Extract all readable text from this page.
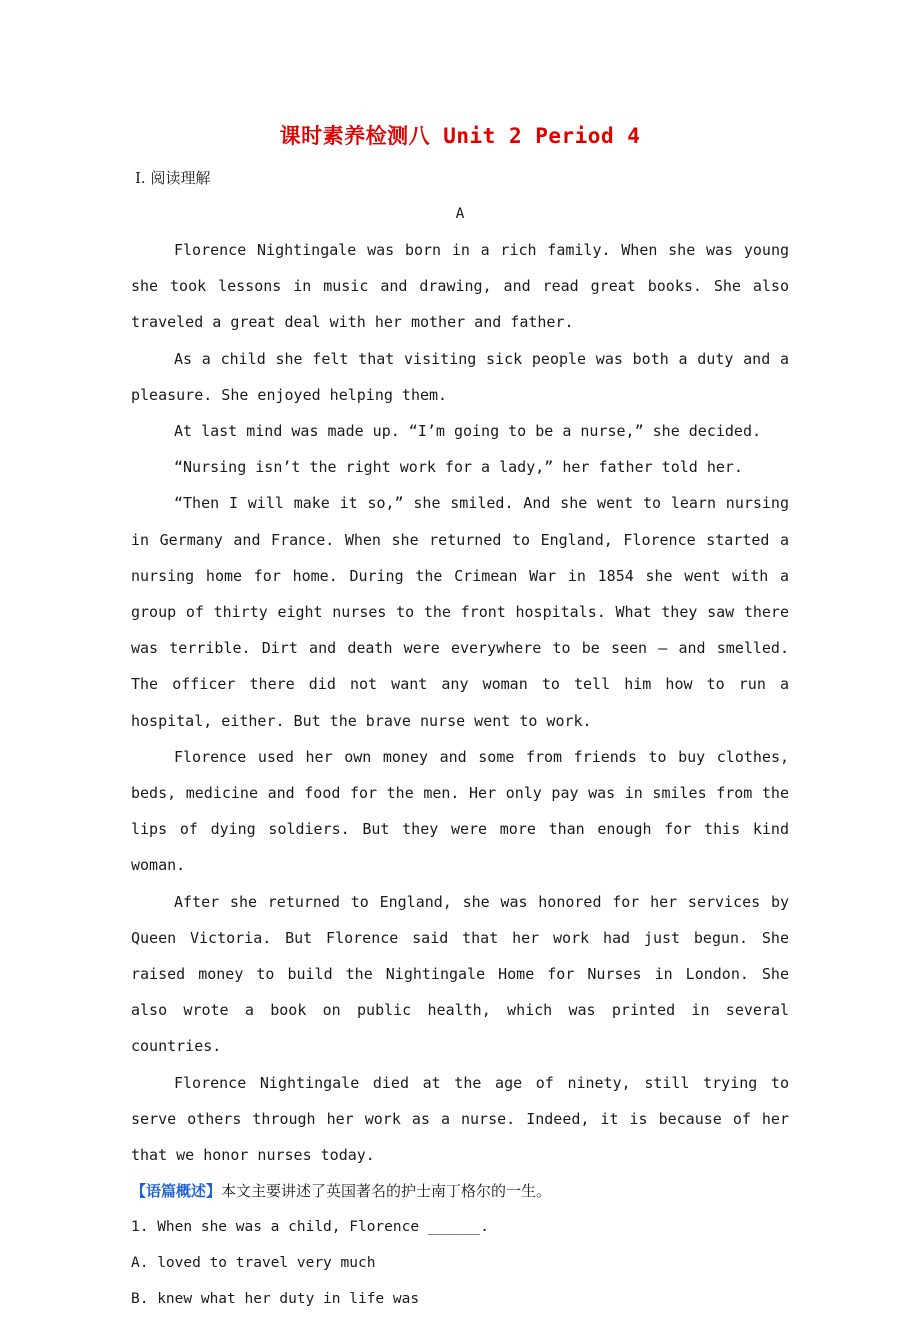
课时素养检测八 Unit 2 Period 4

Ⅰ. 阅读理解

A

Florence Nightingale was born in a rich family. When she was young she took lessons in music and drawing, and read great books. She also traveled a great deal with her mother and father.

As a child she felt that visiting sick people was both a duty and a pleasure. She enjoyed helping them.

At last mind was made up. “I’m going to be a nurse,” she decided.

“Nursing isn’t the right work for a lady,” her father told her.

“Then I will make it so,” she smiled. And she went to learn nursing in Germany and France. When she returned to England, Florence started a nursing home for home. During the Crimean War in 1854 she went with a group of thirty eight nurses to the front hospitals. What they saw there was terrible. Dirt and death were everywhere to be seen — and smelled. The officer there did not want any woman to tell him how to run a hospital, either. But the brave nurse went to work.

Florence used her own money and some from friends to buy clothes, beds, medicine and food for the men. Her only pay was in smiles from the lips of dying soldiers. But they were more than enough for this kind woman.

After she returned to England, she was honored for her services by Queen Victoria. But Florence said that her work had just begun. She raised money to build the Nightingale Home for Nurses in London. She also wrote a book on public health, which was printed in several countries.

Florence Nightingale died at the age of ninety, still trying to serve others through her work as a nurse. Indeed, it is because of her that we honor nurses today.

【语篇概述】本文主要讲述了英国著名的护士南丁格尔的一生。

1. When she was a child, Florence ______.

A. loved to travel very much

B. knew what her duty in life was
